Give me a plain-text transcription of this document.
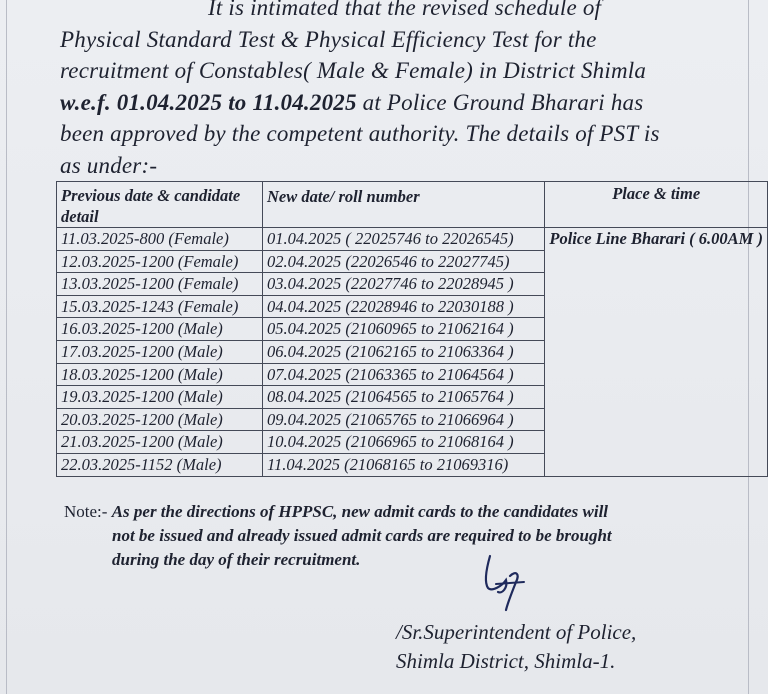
It is intimated that the revised schedule of
Physical Standard Test & Physical Efficiency Test for the
recruitment of Constables( Male & Female) in District Shimla
w.e.f. 01.04.2025 to 11.04.2025 at Police Ground Bharari has
been approved by the competent authority. The details of PST is
as under:-
Previous date & candidate detail	New date/ roll number	Place & time
11.03.2025-800 (Female)	01.04.2025 ( 22025746 to 22026545)	Police Line Bharari ( 6.00AM )
12.03.2025-1200 (Female)	02.04.2025 (22026546 to 22027745)	
13.03.2025-1200 (Female)	03.04.2025 (22027746 to 22028945 )	
15.03.2025-1243 (Female)	04.04.2025 (22028946 to 22030188 )	
16.03.2025-1200 (Male)	05.04.2025 (21060965 to 21062164 )	
17.03.2025-1200 (Male)	06.04.2025 (21062165 to 21063364 )	
18.03.2025-1200 (Male)	07.04.2025 (21063365 to 21064564 )	
19.03.2025-1200 (Male)	08.04.2025 (21064565 to 21065764 )	
20.03.2025-1200 (Male)	09.04.2025 (21065765 to 21066964 )	
21.03.2025-1200 (Male)	10.04.2025 (21066965 to 21068164 )	
22.03.2025-1152 (Male)	11.04.2025 (21068165 to 21069316)	
Note:- As per the directions of HPPSC, new admit cards to the candidates will
not be issued and already issued admit cards are required to be brought
during the day of their recruitment.
/Sr.Superintendent of Police,
Shimla District, Shimla-1.
